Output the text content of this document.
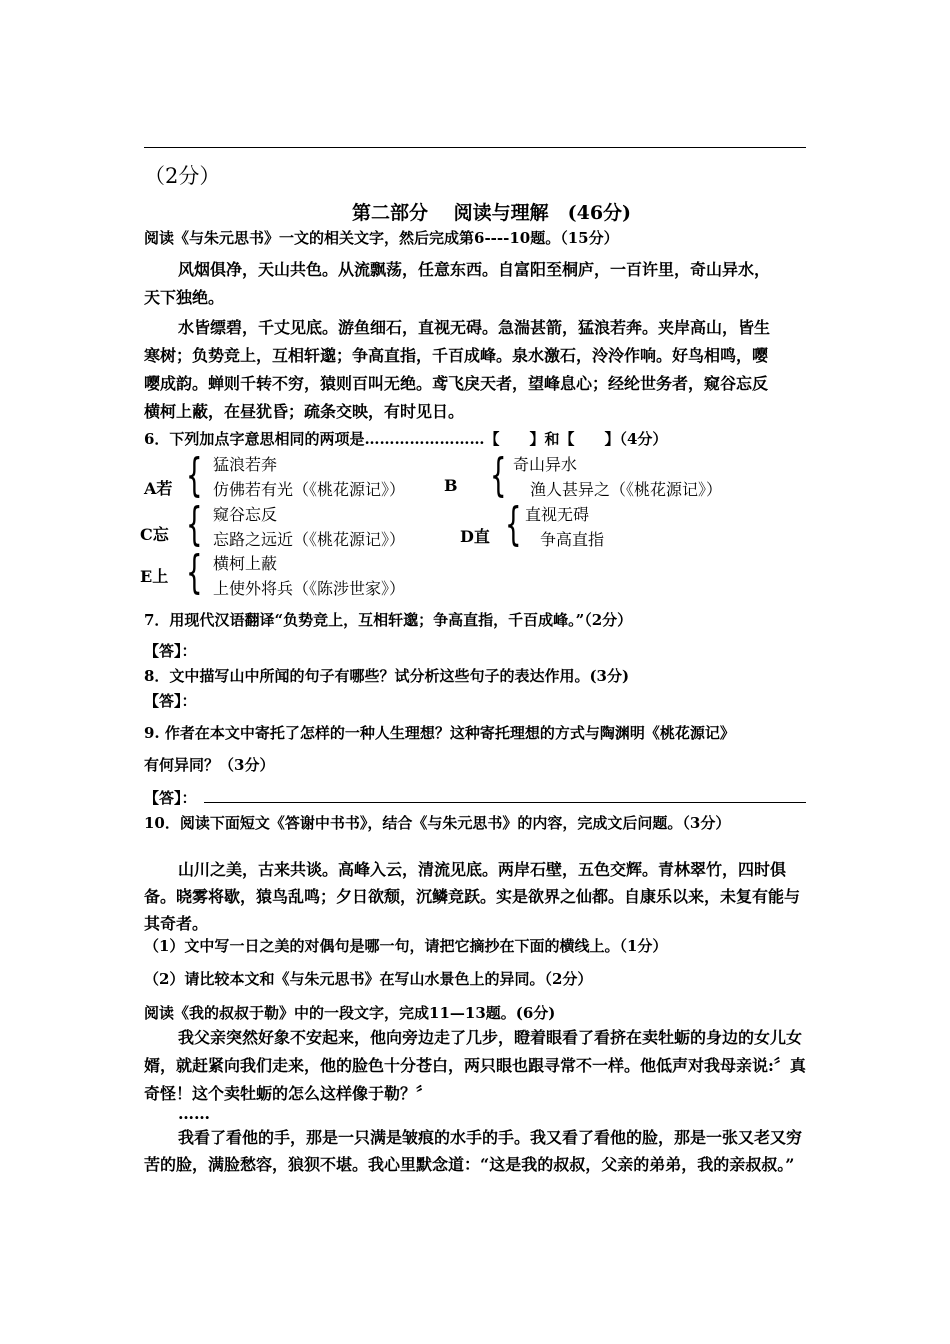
（2分）
第二部分　 阅读与理解　(46分)
阅读《与朱元思书》一文的相关文字，然后完成第6----10题。（15分）
风烟俱净，天山共色。从流飘荡，任意东西。自富阳至桐庐，一百许里，奇山异水，
天下独绝。
水皆缥碧，千丈见底。游鱼细石，直视无碍。急湍甚箭，猛浪若奔。夹岸高山，皆生
寒树；负势竞上，互相轩邈；争高直指，千百成峰。泉水激石，泠泠作响。好鸟相鸣，嘤
嘤成韵。蝉则千转不穷，猿则百叫无绝。鸢飞戾天者，望峰息心；经纶世务者，窥谷忘反
横柯上蔽，在昼犹昏；疏条交映，有时见日。
6．下列加点字意思相同的两项是……………………【　　】和【　　】（4分）
A若 { 猛浪若奔
仿佛若有光（《桃花源记》） B { 奇山异水
渔人甚异之（《桃花源记》）
C忘 { 窥谷忘反
忘路之远近（《桃花源记》）	D直 { 直视无碍
争高直指
E上 { 横柯上蔽
上使外将兵（《陈涉世家》）
7．用现代汉语翻译“负势竞上，互相轩邈；争高直指，千百成峰。”（2分）
【答】：
8．文中描写山中所闻的句子有哪些？试分析这些句子的表达作用。(3分)
【答】：
9. 作者在本文中寄托了怎样的一种人生理想？这种寄托理想的方式与陶渊明《桃花源记》
有何异同？（3分）
【答】：
10．阅读下面短文《答谢中书书》，结合《与朱元思书》的内容，完成文后问题。（3分）
山川之美，古来共谈。高峰入云，清流见底。两岸石壁，五色交辉。青林翠竹，四时俱备。晓雾将歇，猿鸟乱鸣；夕日欲颓，沉鳞竞跃。实是欲界之仙都。自康乐以来，未复有能与其奇者。
（1）文中写一日之美的对偶句是哪一句，请把它摘抄在下面的横线上。（1分）
（2）请比较本文和《与朱元思书》在写山水景色上的异同。（2分）
阅读《我的叔叔于勒》中的一段文字，完成11—13题。(6分)
我父亲突然好象不安起来，他向旁边走了几步，瞪着眼看了看挤在卖牡蛎的身边的女儿女婿，就赶紧向我们走来，他的脸色十分苍白，两只眼也跟寻常不一样。他低声对我母亲说:〞真奇怪！这个卖牡蛎的怎么这样像于勒？〞
……
我看了看他的手，那是一只满是皱痕的水手的手。我又看了看他的脸，那是一张又老又穷苦的脸，满脸愁容，狼狈不堪。我心里默念道：“这是我的叔叔，父亲的弟弟，我的亲叔叔。”
